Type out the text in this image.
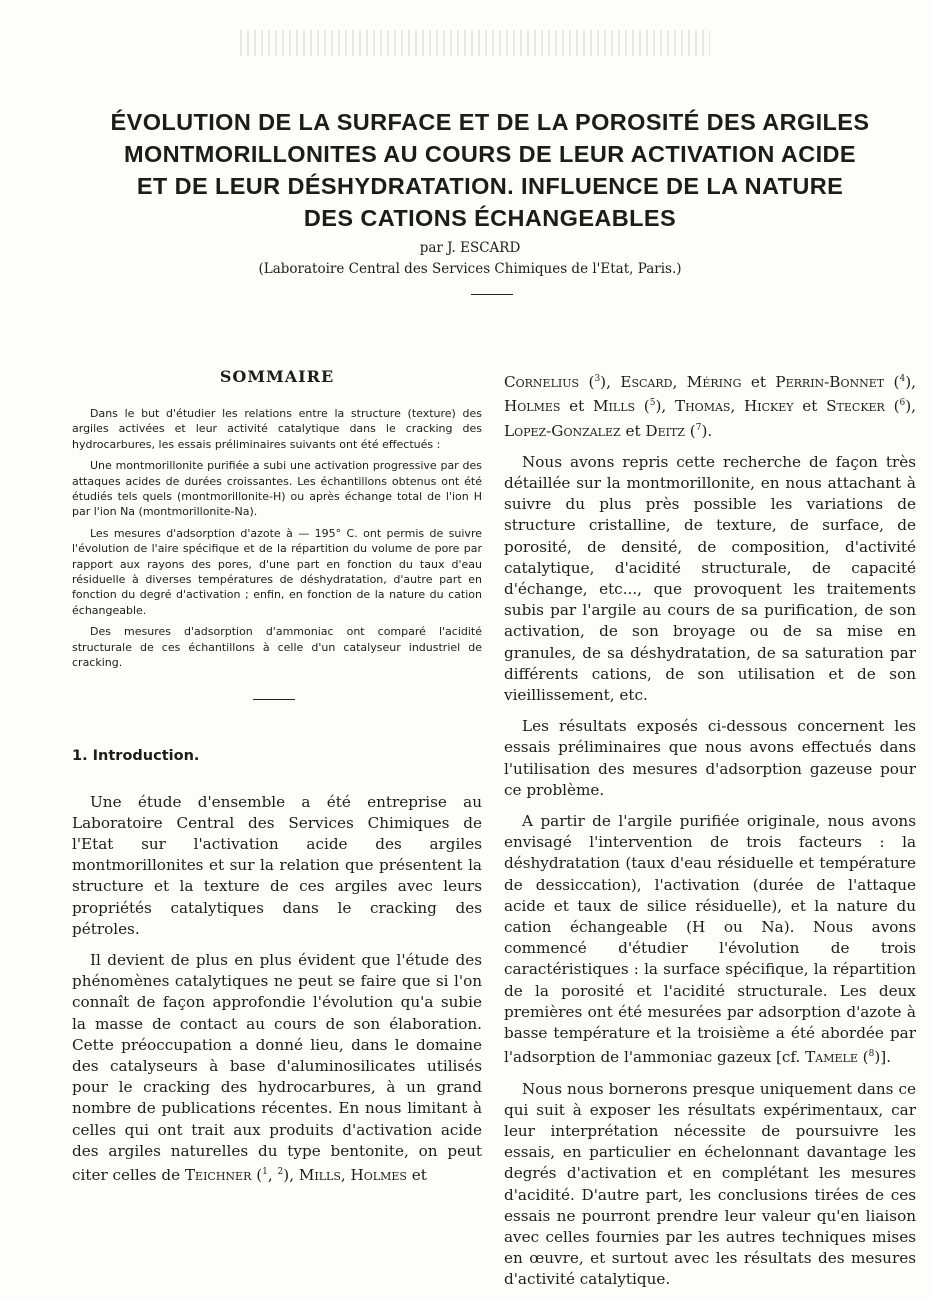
ÉVOLUTION DE LA SURFACE ET DE LA POROSITÉ DES ARGILES
MONTMORILLONITES AU COURS DE LEUR ACTIVATION ACIDE
ET DE LEUR DÉSHYDRATATION. INFLUENCE DE LA NATURE
DES CATIONS ÉCHANGEABLES

par J. ESCARD

(Laboratoire Central des Services Chimiques de l'Etat, Paris.)

SOMMAIRE

Dans le but d'étudier les relations entre la structure (texture) des argiles activées et leur activité catalytique dans le cracking des hydrocarbures, les essais préliminaires suivants ont été effectués :

Une montmorillonite purifiée a subi une activation progressive par des attaques acides de durées croissantes. Les échantillons obtenus ont été étudiés tels quels (montmorillonite-H) ou après échange total de l'ion H par l'ion Na (montmorillonite-Na).

Les mesures d'adsorption d'azote à — 195° C. ont permis de suivre l'évolution de l'aire spécifique et de la répartition du volume de pore par rapport aux rayons des pores, d'une part en fonction du taux d'eau résiduelle à diverses températures de déshydratation, d'autre part en fonction du degré d'activation ; enfin, en fonction de la nature du cation échangeable.

Des mesures d'adsorption d'ammoniac ont comparé l'acidité structurale de ces échantillons à celle d'un catalyseur industriel de cracking.

1. Introduction.

Une étude d'ensemble a été entreprise au Laboratoire Central des Services Chimiques de l'Etat sur l'activation acide des argiles montmorillonites et sur la relation que présentent la structure et la texture de ces argiles avec leurs propriétés catalytiques dans le cracking des pétroles.

Il devient de plus en plus évident que l'étude des phénomènes catalytiques ne peut se faire que si l'on connaît de façon approfondie l'évolution qu'a subie la masse de contact au cours de son élaboration. Cette préoccupation a donné lieu, dans le domaine des catalyseurs à base d'aluminosilicates utilisés pour le cracking des hydrocarbures, à un grand nombre de publications récentes. En nous limitant à celles qui ont trait aux produits d'activation acide des argiles naturelles du type bentonite, on peut citer celles de Teichner ($^1$, $^2$), Mills, Holmes et

Cornelius ($^3$), Escard, Méring et Perrin-Bonnet ($^4$), Holmes et Mills ($^5$), Thomas, Hickey et Stecker ($^6$), Lopez-Gonzalez et Deitz ($^7$).

Nous avons repris cette recherche de façon très détaillée sur la montmorillonite, en nous attachant à suivre du plus près possible les variations de structure cristalline, de texture, de surface, de porosité, de densité, de composition, d'activité catalytique, d'acidité structurale, de capacité d'échange, etc..., que provoquent les traitements subis par l'argile au cours de sa purification, de son activation, de son broyage ou de sa mise en granules, de sa déshydratation, de sa saturation par différents cations, de son utilisation et de son vieillissement, etc.

Les résultats exposés ci-dessous concernent les essais préliminaires que nous avons effectués dans l'utilisation des mesures d'adsorption gazeuse pour ce problème.

A partir de l'argile purifiée originale, nous avons envisagé l'intervention de trois facteurs : la déshydratation (taux d'eau résiduelle et température de dessiccation), l'activation (durée de l'attaque acide et taux de silice résiduelle), et la nature du cation échangeable (H ou Na). Nous avons commencé d'étudier l'évolution de trois caractéristiques : la surface spécifique, la répartition de la porosité et l'acidité structurale. Les deux premières ont été mesurées par adsorption d'azote à basse température et la troisième a été abordée par l'adsorption de l'ammoniac gazeux [cf. Tamele ($^8$)].

Nous nous bornerons presque uniquement dans ce qui suit à exposer les résultats expérimentaux, car leur interprétation nécessite de poursuivre les essais, en particulier en échelonnant davantage les degrés d'activation et en complétant les mesures d'acidité. D'autre part, les conclusions tirées de ces essais ne pourront prendre leur valeur qu'en liaison avec celles fournies par les autres techniques mises en œuvre, et surtout avec les résultats des mesures d'activité catalytique.
